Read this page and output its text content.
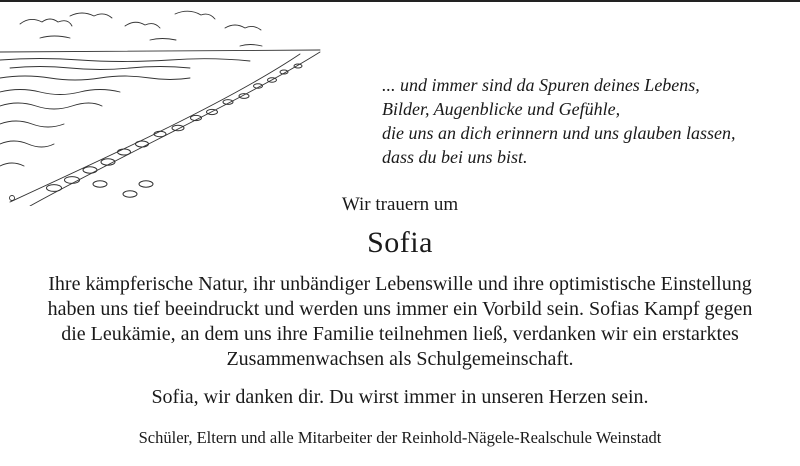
... und immer sind da Spuren deines Lebens,
Bilder, Augenblicke und Gefühle,
die uns an dich erinnern und uns glauben lassen,
dass du bei uns bist.
Wir trauern um
Sofia
Ihre kämpferische Natur, ihr unbändiger Lebenswille und ihre optimistische Einstellung
haben uns tief beeindruckt und werden uns immer ein Vorbild sein. Sofias Kampf gegen
die Leukämie, an dem uns ihre Familie teilnehmen ließ, verdanken wir ein erstarktes
Zusammenwachsen als Schulgemeinschaft.
Sofia, wir danken dir. Du wirst immer in unseren Herzen sein.
Schüler, Eltern und alle Mitarbeiter der Reinhold-Nägele-Realschule Weinstadt
